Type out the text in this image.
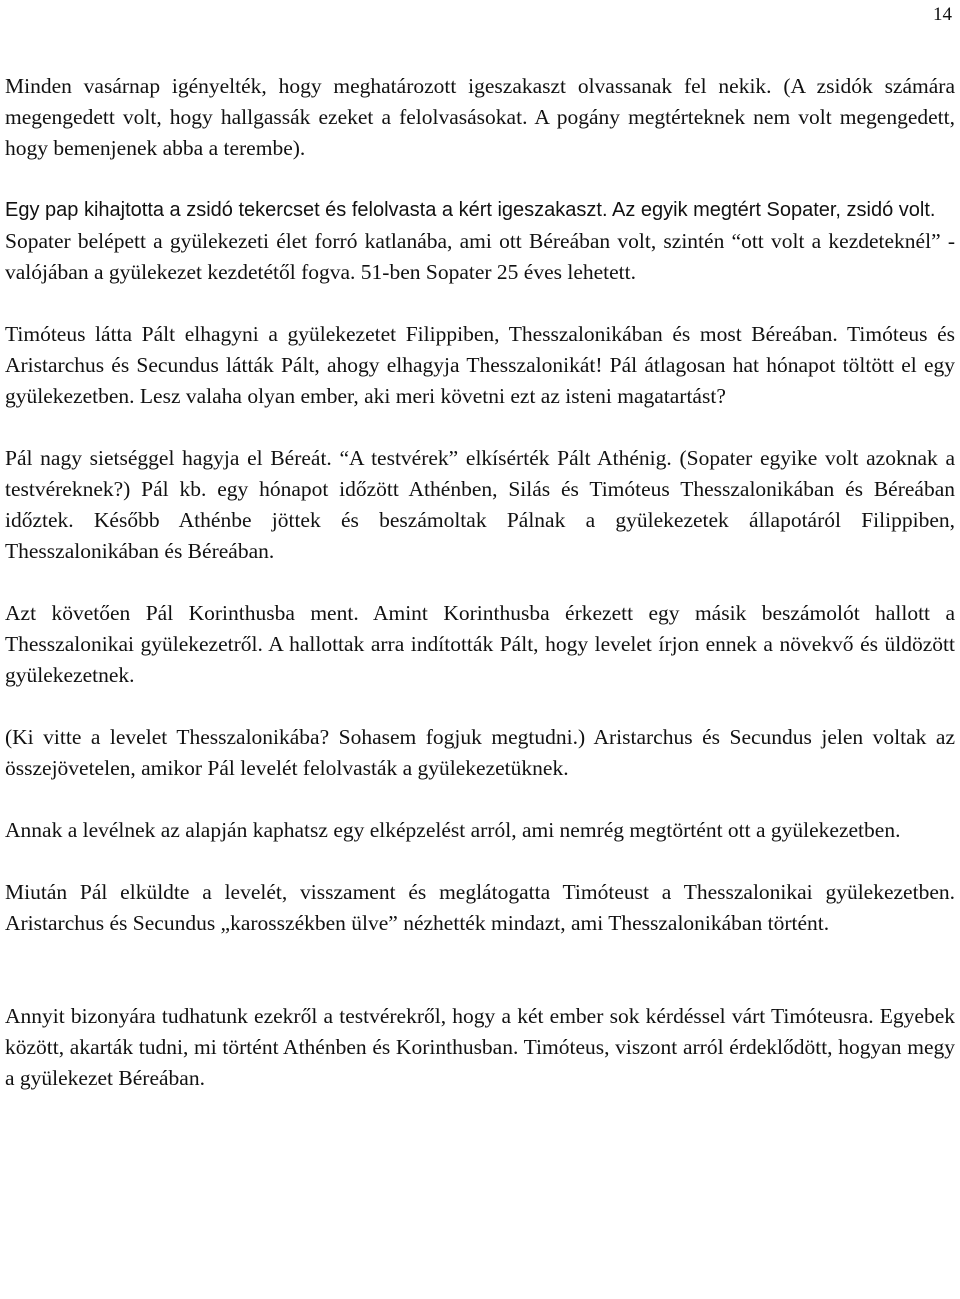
14

Minden vasárnap igényelték, hogy meghatározott igeszakaszt olvassanak fel nekik. (A zsidók számára megengedett volt, hogy hallgassák ezeket a felolvasásokat. A pogány megtérteknek nem volt megengedett, hogy bemenjenek abba a terembe).

Egy pap kihajtotta a zsidó tekercset és felolvasta a kért igeszakaszt. Az egyik megtért Sopater, zsidó volt.

Sopater belépett a gyülekezeti élet forró katlanába, ami ott Béreában volt, szintén “ott volt a kezdeteknél” - valójában a gyülekezet kezdetétől fogva. 51-ben Sopater 25 éves lehetett.

Timóteus látta Pált elhagyni a gyülekezetet Filippiben, Thesszalonikában és most Béreában. Timóteus és Aristarchus és Secundus látták Pált, ahogy elhagyja Thesszalonikát! Pál átlagosan hat hónapot töltött el egy gyülekezetben. Lesz valaha olyan ember, aki meri követni ezt az isteni magatartást?

Pál nagy sietséggel hagyja el Béreát. “A testvérek” elkísérték Pált Athénig. (Sopater egyike volt azoknak a testvéreknek?) Pál kb. egy hónapot időzött Athénben, Silás és Timóteus Thesszalonikában és Béreában időztek. Később Athénbe jöttek és beszámoltak Pálnak a gyülekezetek állapotáról Filippiben, Thesszalonikában és Béreában.

Azt követően Pál Korinthusba ment. Amint Korinthusba érkezett egy másik beszámolót hallott a Thesszalonikai gyülekezetről. A hallottak arra indították Pált, hogy levelet írjon ennek a növekvő és üldözött gyülekezetnek.

(Ki vitte a levelet Thesszalonikába? Sohasem fogjuk megtudni.) Aristarchus és Secundus jelen voltak az összejövetelen, amikor Pál levelét felolvasták a gyülekezetüknek.

Annak a levélnek az alapján kaphatsz egy elképzelést arról, ami nemrég megtörtént ott a gyülekezetben.

Miután Pál elküldte a levelét, visszament és meglátogatta Timóteust a Thesszalonikai gyülekezetben. Aristarchus és Secundus „karosszékben ülve” nézhették mindazt, ami Thesszalonikában történt.

Annyit bizonyára tudhatunk ezekről a testvérekről, hogy a két ember sok kérdéssel várt Timóteusra. Egyebek között, akarták tudni, mi történt Athénben és Korinthusban. Timóteus, viszont arról érdeklődött, hogyan megy a gyülekezet Béreában.
